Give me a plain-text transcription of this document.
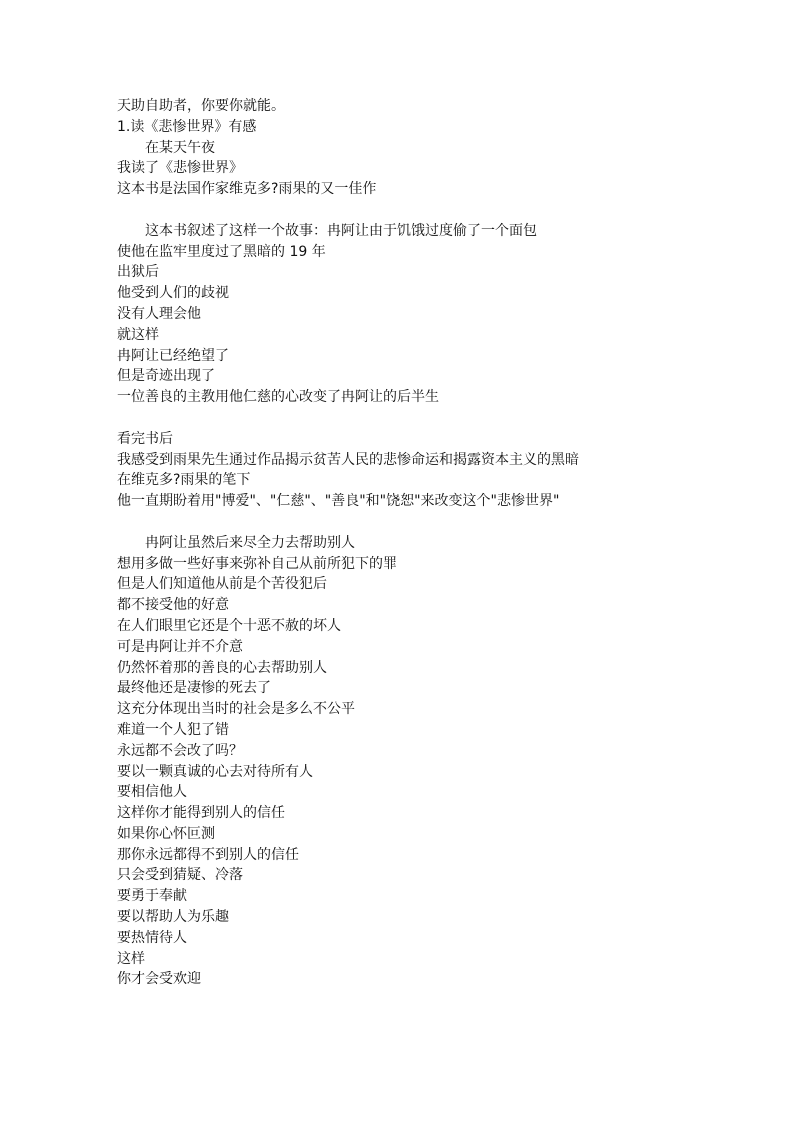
天助自助者，你要你就能。

1.读《悲惨世界》有感

在某天午夜

我读了《悲惨世界》

这本书是法国作家维克多?雨果的又一佳作

这本书叙述了这样一个故事：冉阿让由于饥饿过度偷了一个面包

使他在监牢里度过了黑暗的 19 年

出狱后

他受到人们的歧视

没有人理会他

就这样

冉阿让已经绝望了

但是奇迹出现了

一位善良的主教用他仁慈的心改变了冉阿让的后半生

看完书后

我感受到雨果先生通过作品揭示贫苦人民的悲惨命运和揭露资本主义的黑暗

在维克多?雨果的笔下

他一直期盼着用"博爱"、"仁慈"、"善良"和"饶恕"来改变这个"悲惨世界"

冉阿让虽然后来尽全力去帮助别人

想用多做一些好事来弥补自己从前所犯下的罪

但是人们知道他从前是个苦役犯后

都不接受他的好意

在人们眼里它还是个十恶不赦的坏人

可是冉阿让并不介意

仍然怀着那的善良的心去帮助别人

最终他还是凄惨的死去了

这充分体现出当时的社会是多么不公平

难道一个人犯了错

永远都不会改了吗？

要以一颗真诚的心去对待所有人

要相信他人

这样你才能得到别人的信任

如果你心怀叵测

那你永远都得不到别人的信任

只会受到猜疑、冷落

要勇于奉献

要以帮助人为乐趣

要热情待人

这样

你才会受欢迎
